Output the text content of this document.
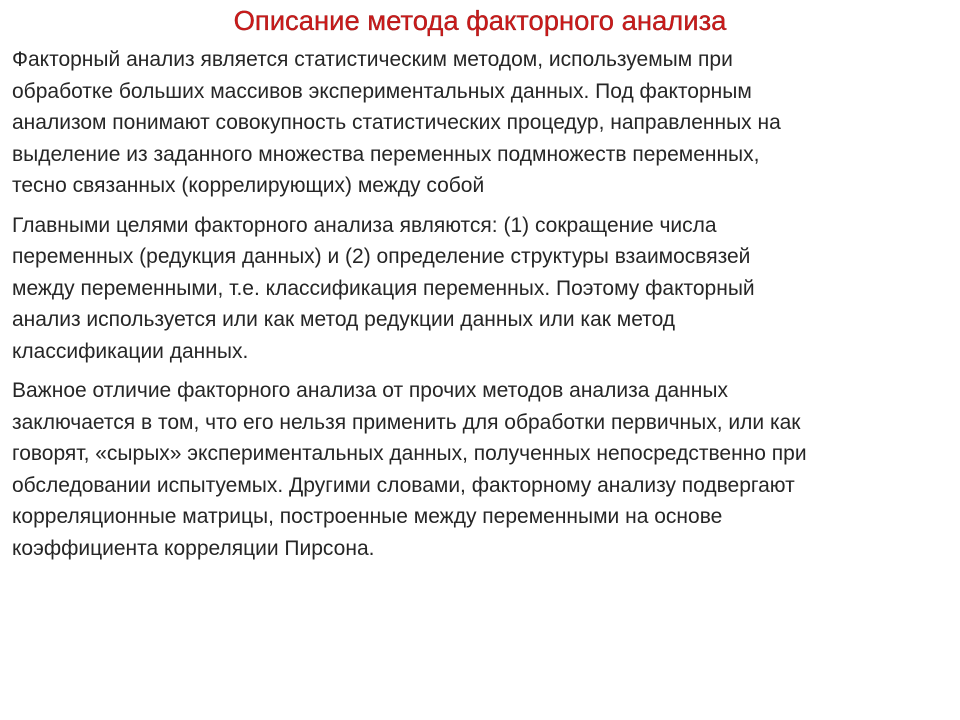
Описание метода факторного анализа

Факторный анализ является статистическим методом, используемым при
обработке больших массивов экспериментальных данных. Под факторным
анализом понимают совокупность статистических процедур, направленных на
выделение из заданного множества переменных подмножеств переменных,
тесно связанных (коррелирующих) между собой

Главными целями факторного анализа являются: (1) сокращение числа
переменных (редукция данных) и (2) определение структуры взаимосвязей
между переменными, т.е. классификация переменных. Поэтому факторный
анализ используется или как метод редукции данных или как метод
классификации данных.

Важное отличие факторного анализа от прочих методов анализа данных
заключается в том, что его нельзя применить для обработки первичных, или как
говорят, «сырых» экспериментальных данных, полученных непосредственно при
обследовании испытуемых. Другими словами, факторному анализу подвергают
корреляционные матрицы, построенные между переменными на основе
коэффициента корреляции Пирсона.
